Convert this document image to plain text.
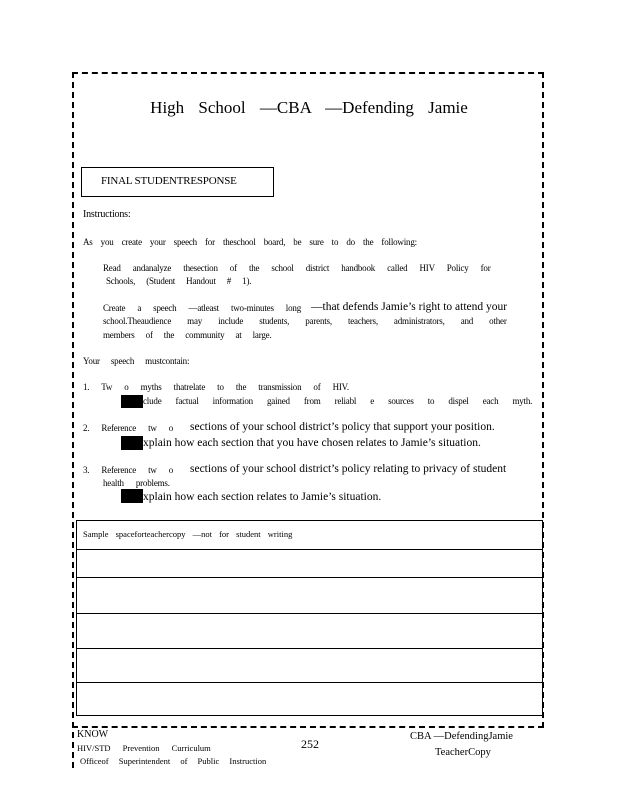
High School —CBA —Defending Jamie
FINAL STUDENTRESPONSE
Instructions:
As you create your speech for theschool board, be sure to do the following:
Read andanalyze thesection of the school district handbook called HIV Policy for
Schools, (Student Handout # 1).
Create a speech —atleast two-minutes long —that defends Jamie’s right to attend your
school.Theaudience may include students, parents, teachers, administrators, and other
members of the community at large.
Your speech mustcontain:
1. Tw o myths thatrelate to the transmission of HIV.
clude factual information gained from reliabl e sources to dispel each myth.
2. Reference tw o sections of your school district’s policy that support your position.
xplain how each section that you have chosen relates to Jamie’s situation.
3. Reference tw o sections of your school district’s policy relating to privacy of student
health problems.
xplain how each section relates to Jamie’s situation.
Sample spaceforteachercopy —not for student writing
KNOW
HIV/STD Prevention Curriculum
Officeof Superintendent of Public Instruction
252
CBA —DefendingJamie
TeacherCopy
